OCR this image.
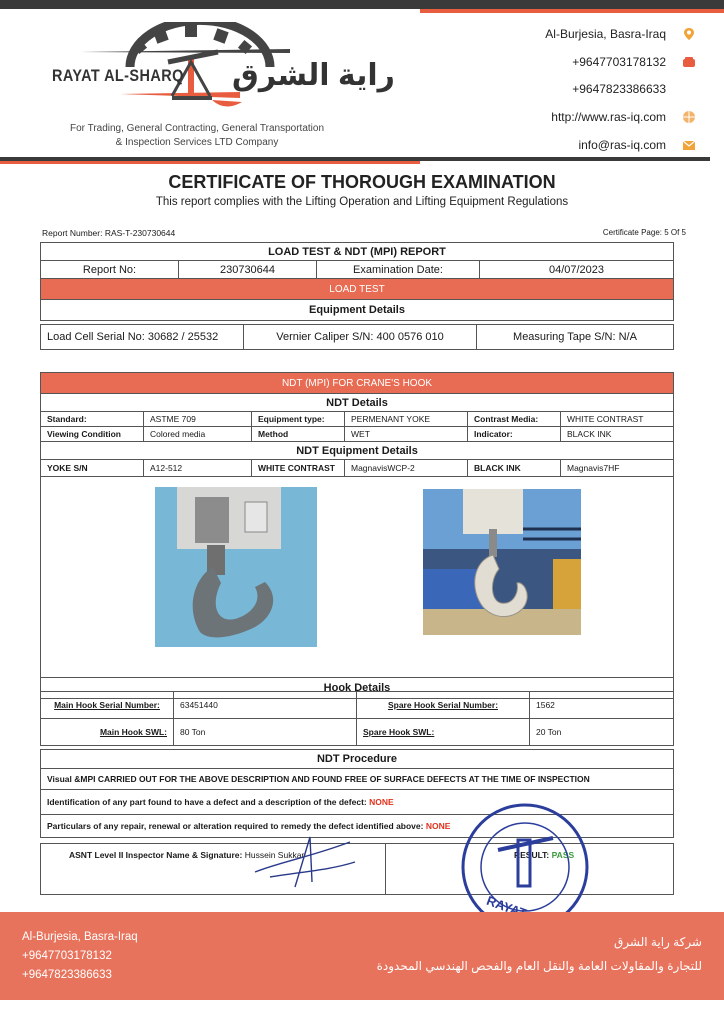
RAYAT AL-SHARQ راية الشرق
For Trading, General Contracting, General Transportation
& Inspection Services LTD Company
Al-Burjesia, Basra-Iraq
+9647703178132
+9647823386633
http://www.ras-iq.com
info@ras-iq.com
CERTIFICATE OF THOROUGH EXAMINATION
This report complies with the Lifting Operation and Lifting Equipment Regulations
Report Number: RAS-T-230730644	Certificate Page: 5 Of 5
LOAD TEST & NDT (MPI) REPORT
Report No:	230730644	Examination Date:	04/07/2023
LOAD TEST
Equipment Details
Load Cell Serial No: 30682 / 25532	Vernier Caliper S/N: 400 0576 010	Measuring Tape S/N: N/A
NDT (MPI) FOR CRANE'S HOOK					
NDT Details					
Standard:	ASTME 709	Equipment type:	PERMENANT YOKE	Contrast Media:	WHITE CONTRAST
Viewing Condition	Colored media	Method	WET	Indicator:	BLACK INK
NDT Equipment Details					
YOKE S/N	A12-512	WHITE CONTRAST	MagnavisWCP-2	BLACK INK	Magnavis7HF

Hook Details					
Main Hook Serial Number:	63451440	Spare Hook Serial Number:	1562
Main Hook SWL:	80 Ton	Spare Hook SWL:	20 Ton
NDT Procedure
Visual &MPI CARRIED OUT FOR THE ABOVE DESCRIPTION AND FOUND FREE OF SURFACE DEFECTS AT THE TIME OF INSPECTION
Identification of any part found to have a defect and a description of the defect: NONE
Particulars of any repair, renewal or alteration required to remedy the defect identified above: NONE
ASNT Level II Inspector Name & Signature: Hussein Sukkar	RESULT: PASS
Al-Burjesia, Basra-Iraq
+9647703178132
+9647823386633
شركة راية الشرق
للتجارة والمقاولات العامة والنقل العام والفحص الهندسي المحدودة
